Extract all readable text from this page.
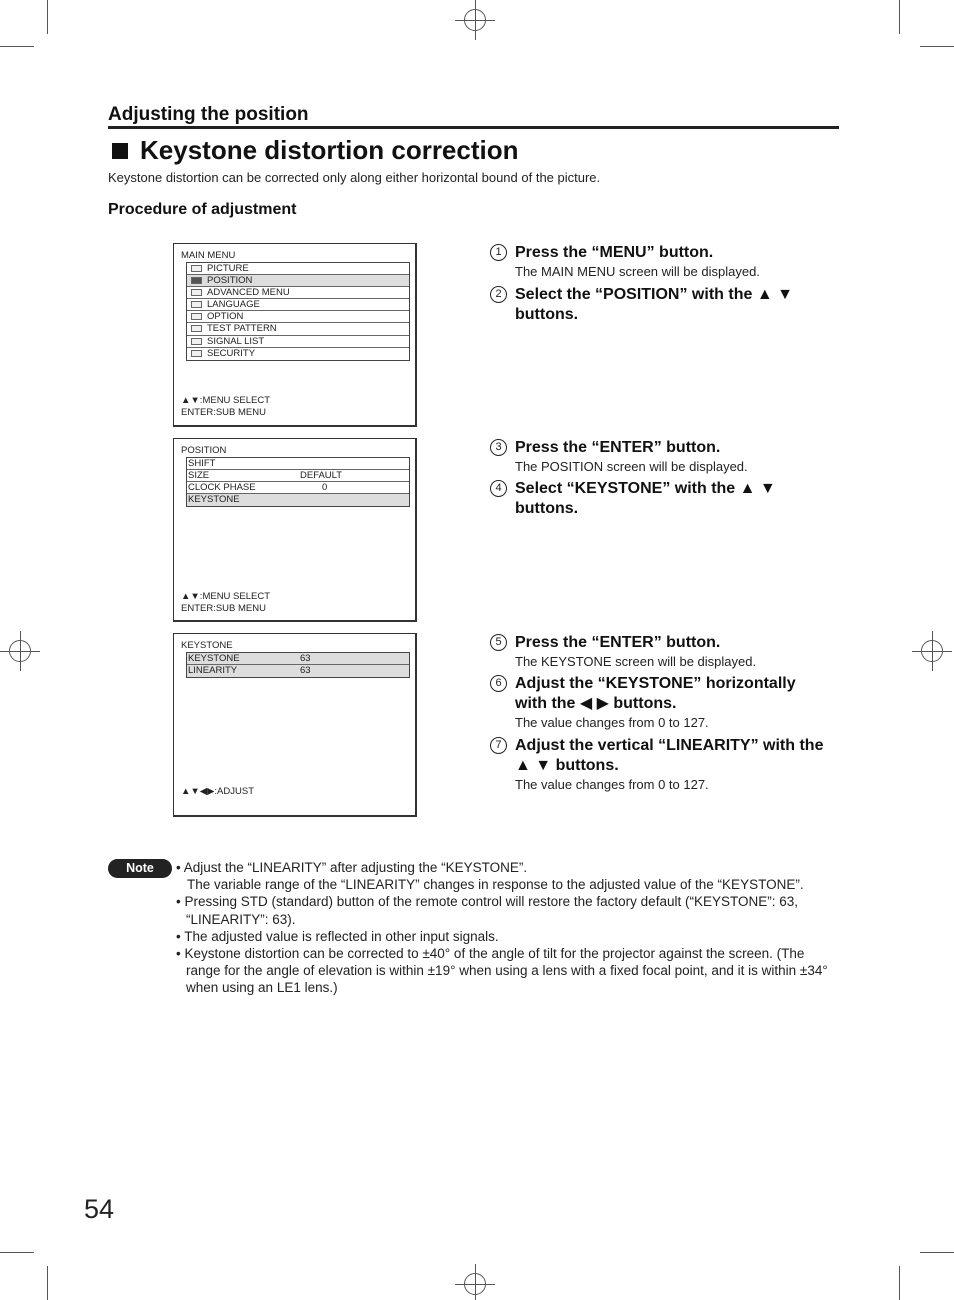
Adjusting the position
Keystone distortion correction
Keystone distortion can be corrected only along either horizontal bound of the picture.
Procedure of adjustment
MAIN MENU
PICTURE
POSITION
ADVANCED MENU
LANGUAGE
OPTION
TEST PATTERN
SIGNAL LIST
SECURITY
▲▼:MENU SELECT
ENTER:SUB MENU
POSITION
SHIFT
SIZE	DEFAULT
CLOCK PHASE	0
KEYSTONE
▲▼:MENU SELECT
ENTER:SUB MENU
KEYSTONE
KEYSTONE	63
LINEARITY	63
▲▼◀▶:ADJUST
1 Press the “MENU” button.
The MAIN MENU screen will be displayed.
2 Select the “POSITION” with the ▲ ▼ buttons.
3 Press the “ENTER” button.
The POSITION screen will be displayed.
4 Select “KEYSTONE” with the ▲ ▼ buttons.
5 Press the “ENTER” button.
The KEYSTONE screen will be displayed.
6 Adjust the “KEYSTONE” horizontally with the ◀ ▶ buttons.
The value changes from 0 to 127.
7 Adjust the vertical “LINEARITY” with the ▲ ▼ buttons.
The value changes from 0 to 127.
Note	• Adjust the “LINEARITY” after adjusting the “KEYSTONE”.
The variable range of the “LINEARITY” changes in response to the adjusted value of the “KEYSTONE”.
• Pressing STD (standard) button of the remote control will restore the factory default (“KEYSTONE”: 63, “LINEARITY”: 63).
• The adjusted value is reflected in other input signals.
• Keystone distortion can be corrected to ±40° of the angle of tilt for the projector against the screen. (The range for the angle of elevation is within ±19° when using a lens with a fixed focal point, and it is within ±34° when using an LE1 lens.)
54
